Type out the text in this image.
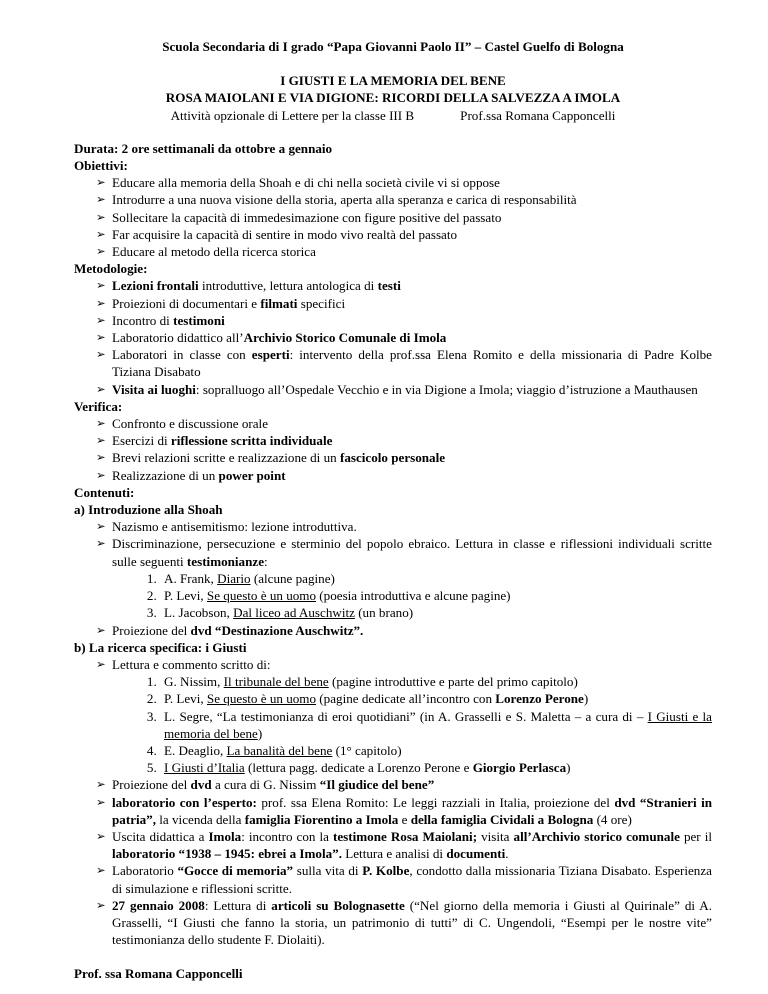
Scuola Secondaria di I grado “Papa Giovanni Paolo II” – Castel Guelfo di Bologna
I GIUSTI E LA MEMORIA DEL BENE
ROSA MAIOLANI E VIA DIGIONE: RICORDI DELLA SALVEZZA A IMOLA
Attività opzionale di Lettere per la classe III B	Prof.ssa Romana Capponcelli
Durata: 2 ore settimanali da ottobre a gennaio
Obiettivi:
➢ Educare alla memoria della Shoah e di chi nella società civile vi si oppose
➢ Introdurre a una nuova visione della storia, aperta alla speranza e carica di responsabilità
➢ Sollecitare la capacità di immedesimazione con figure positive del passato
➢ Far acquisire la capacità di sentire in modo vivo realtà del passato
➢ Educare al metodo della ricerca storica
Metodologie:
➢ Lezioni frontali introduttive, lettura antologica di testi
➢ Proiezioni di documentari e filmati specifici
➢ Incontro di testimoni
➢ Laboratorio didattico all’Archivio Storico Comunale di Imola
➢ Laboratori in classe con esperti: intervento della prof.ssa Elena Romito e della missionaria di Padre Kolbe Tiziana Disabato
➢ Visita ai luoghi: sopralluogo all’Ospedale Vecchio e in via Digione a Imola; viaggio d’istruzione a Mauthausen
Verifica:
➢ Confronto e discussione orale
➢ Esercizi di riflessione scritta individuale
➢ Brevi relazioni scritte e realizzazione di un fascicolo personale
➢ Realizzazione di un power point
Contenuti:
a) Introduzione alla Shoah
➢ Nazismo e antisemitismo: lezione introduttiva.
➢ Discriminazione, persecuzione e sterminio del popolo ebraico. Lettura in classe e riflessioni individuali scritte sulle seguenti testimonianze:
1. A. Frank, Diario (alcune pagine)
2. P. Levi, Se questo è un uomo (poesia introduttiva e alcune pagine)
3. L. Jacobson, Dal liceo ad Auschwitz (un brano)
➢ Proiezione del dvd “Destinazione Auschwitz”.
b) La ricerca specifica: i Giusti
➢ Lettura e commento scritto di:
1. G. Nissim, Il tribunale del bene (pagine introduttive e parte del primo capitolo)
2. P. Levi, Se questo è un uomo (pagine dedicate all’incontro con Lorenzo Perone)
3. L. Segre, “La testimonianza di eroi quotidiani” (in A. Grasselli e S. Maletta – a cura di – I Giusti e la memoria del bene)
4. E. Deaglio, La banalità del bene (1° capitolo)
5. I Giusti d’Italia (lettura pagg. dedicate a Lorenzo Perone e Giorgio Perlasca)
➢ Proiezione del dvd a cura di G. Nissim “Il giudice del bene”
➢ laboratorio con l’esperto: prof. ssa Elena Romito: Le leggi razziali in Italia, proiezione del dvd “Stranieri in patria”, la vicenda della famiglia Fiorentino a Imola e della famiglia Cividali a Bologna (4 ore)
➢ Uscita didattica a Imola: incontro con la testimone Rosa Maiolani; visita all’Archivio storico comunale per il laboratorio “1938 – 1945: ebrei a Imola”. Lettura e analisi di documenti.
➢ Laboratorio “Gocce di memoria” sulla vita di P. Kolbe, condotto dalla missionaria Tiziana Disabato. Esperienza di simulazione e riflessioni scritte.
➢ 27 gennaio 2008: Lettura di articoli su Bolognasette (“Nel giorno della memoria i Giusti al Quirinale” di A. Grasselli, “I Giusti che fanno la storia, un patrimonio di tutti” di C. Ungendoli, “Esempi per le nostre vite” testimonianza dello studente F. Diolaiti).
Prof. ssa Romana Capponcelli
